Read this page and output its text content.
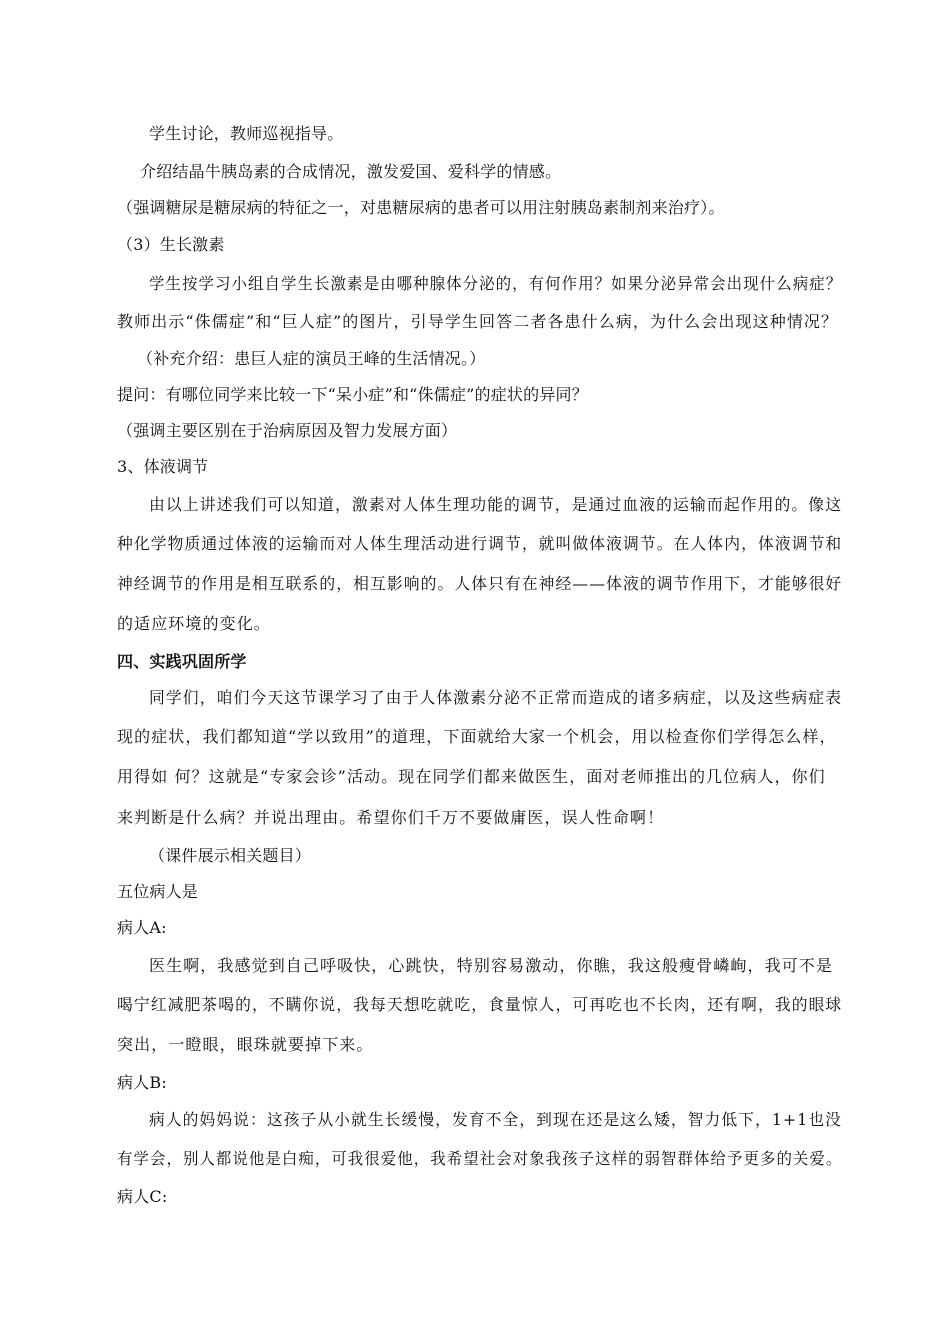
学生讨论，教师巡视指导。
介绍结晶牛胰岛素的合成情况，激发爱国、爱科学的情感。
（强调糖尿是糖尿病的特征之一，对患糖尿病的患者可以用注射胰岛素制剂来治疗）。
（3）生长激素
学生按学习小组自学生长激素是由哪种腺体分泌的，有何作用？如果分泌异常会出现什么病症？
教师出示“侏儒症”和“巨人症”的图片，引导学生回答二者各患什么病，为什么会出现这种情况？
（补充介绍：患巨人症的演员王峰的生活情况。）
提问：有哪位同学来比较一下“呆小症”和“侏儒症”的症状的异同？
（强调主要区别在于治病原因及智力发展方面）
3、体液调节
由以上讲述我们可以知道，激素对人体生理功能的调节，是通过血液的运输而起作用的。像这
种化学物质通过体液的运输而对人体生理活动进行调节，就叫做体液调节。在人体内，体液调节和
神经调节的作用是相互联系的，相互影响的。人体只有在神经——体液的调节作用下，才能够很好
的适应环境的变化。
四、实践巩固所学
同学们，咱们今天这节课学习了由于人体激素分泌不正常而造成的诸多病症，以及这些病症表
现的症状，我们都知道“学以致用”的道理，下面就给大家一个机会，用以检查你们学得怎么样，
用得如 何？这就是“专家会诊”活动。现在同学们都来做医生，面对老师推出的几位病人，你们
来判断是什么病？并说出理由。希望你们千万不要做庸医，误人性命啊！
（课件展示相关题目）
五位病人是
病人A:
医生啊，我感觉到自己呼吸快，心跳快，特别容易激动，你瞧，我这般瘦骨嶙峋，我可不是
喝宁红减肥茶喝的，不瞒你说，我每天想吃就吃，食量惊人，可再吃也不长肉，还有啊，我的眼球
突出，一瞪眼，眼珠就要掉下来。
病人B:
病人的妈妈说：这孩子从小就生长缓慢，发育不全，到现在还是这么矮，智力低下，1+1也没
有学会，别人都说他是白痴，可我很爱他，我希望社会对象我孩子这样的弱智群体给予更多的关爱。
病人C:
